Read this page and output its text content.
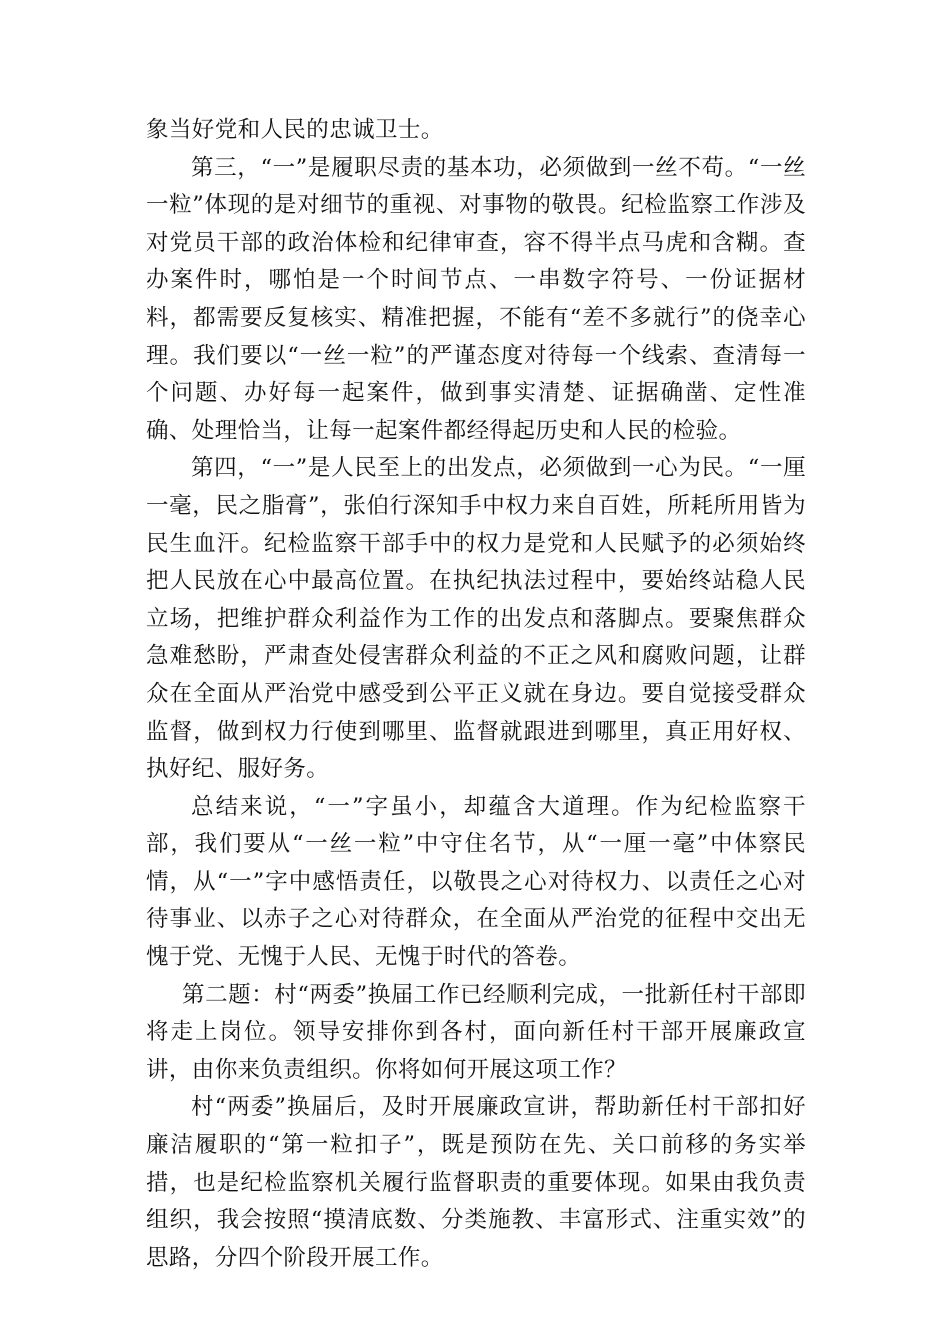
象当好党和人民的忠诚卫士。

第三，“一”是履职尽责的基本功，必须做到一丝不苟。“一丝一粒”体现的是对细节的重视、对事物的敬畏。纪检监察工作涉及对党员干部的政治体检和纪律审查，容不得半点马虎和含糊。查办案件时，哪怕是一个时间节点、一串数字符号、一份证据材料，都需要反复核实、精准把握，不能有“差不多就行”的侥幸心理。我们要以“一丝一粒”的严谨态度对待每一个线索、查清每一个问题、办好每一起案件，做到事实清楚、证据确凿、定性准确、处理恰当，让每一起案件都经得起历史和人民的检验。

第四，“一”是人民至上的出发点，必须做到一心为民。“一厘一毫，民之脂膏”，张伯行深知手中权力来自百姓，所耗所用皆为民生血汗。纪检监察干部手中的权力是党和人民赋予的必须始终把人民放在心中最高位置。在执纪执法过程中，要始终站稳人民立场，把维护群众利益作为工作的出发点和落脚点。要聚焦群众急难愁盼，严肃查处侵害群众利益的不正之风和腐败问题，让群众在全面从严治党中感受到公平正义就在身边。要自觉接受群众监督，做到权力行使到哪里、监督就跟进到哪里，真正用好权、执好纪、服好务。

总结来说，“一”字虽小，却蕴含大道理。作为纪检监察干部，我们要从“一丝一粒”中守住名节，从“一厘一毫”中体察民情，从“一”字中感悟责任，以敬畏之心对待权力、以责任之心对待事业、以赤子之心对待群众，在全面从严治党的征程中交出无愧于党、无愧于人民、无愧于时代的答卷。

第二题：村“两委”换届工作已经顺利完成，一批新任村干部即将走上岗位。领导安排你到各村，面向新任村干部开展廉政宣讲，由你来负责组织。你将如何开展这项工作？

村“两委”换届后，及时开展廉政宣讲，帮助新任村干部扣好廉洁履职的“第一粒扣子”，既是预防在先、关口前移的务实举措，也是纪检监察机关履行监督职责的重要体现。如果由我负责组织，我会按照“摸清底数、分类施教、丰富形式、注重实效”的思路，分四个阶段开展工作。
